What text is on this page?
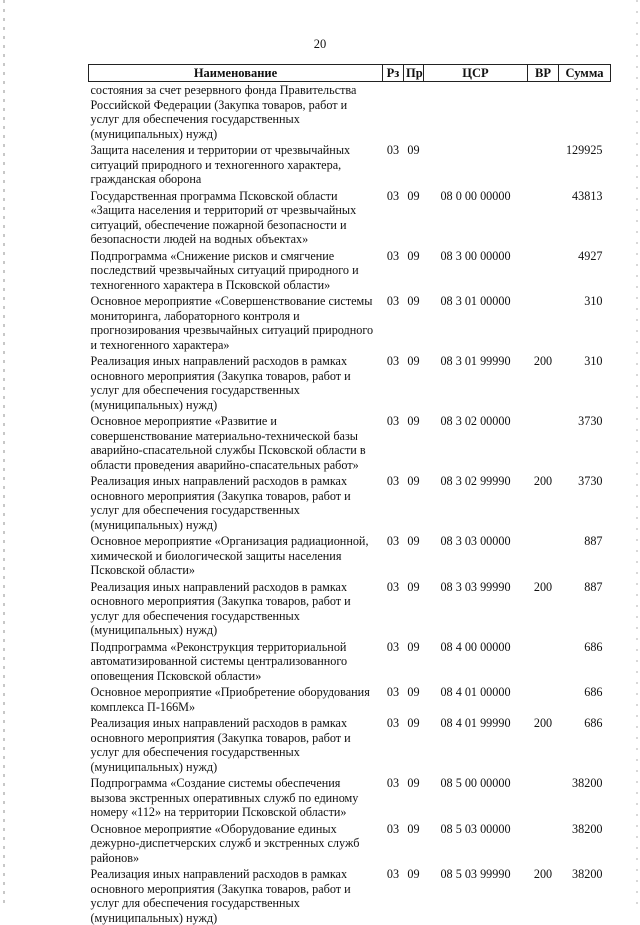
20
Наименование	Рз	Пр	ЦСР	ВР	Сумма
состояния за счет резервного фонда Правительства Российской Федерации (Закупка товаров, работ и услуг для обеспечения государственных (муниципальных) нужд)					
Защита населения и территории от чрезвычайных ситуаций природного и техногенного характера, гражданская оборона	03	09			129925
Государственная программа Псковской области «Защита населения и территорий от чрезвычайных ситуаций, обеспечение пожарной безопасности и безопасности людей на водных объектах»	03	09	08 0 00 00000		43813
Подпрограмма «Снижение рисков и смягчение последствий чрезвычайных ситуаций природного и техногенного характера в Псковской области»	03	09	08 3 00 00000		4927
Основное мероприятие «Совершенствование системы мониторинга, лабораторного контроля и прогнозирования чрезвычайных ситуаций природного и техногенного характера»	03	09	08 3 01 00000		310
Реализация иных направлений расходов в рамках основного мероприятия (Закупка товаров, работ и услуг для обеспечения государственных (муниципальных) нужд)	03	09	08 3 01 99990	200	310
Основное мероприятие «Развитие и совершенствование материально-технической базы аварийно-спасательной службы Псковской области в области проведения аварийно-спасательных работ»	03	09	08 3 02 00000		3730
Реализация иных направлений расходов в рамках основного мероприятия (Закупка товаров, работ и услуг для обеспечения государственных (муниципальных) нужд)	03	09	08 3 02 99990	200	3730
Основное мероприятие «Организация радиационной, химической и биологической защиты населения Псковской области»	03	09	08 3 03 00000		887
Реализация иных направлений расходов в рамках основного мероприятия (Закупка товаров, работ и услуг для обеспечения государственных (муниципальных) нужд)	03	09	08 3 03 99990	200	887
Подпрограмма «Реконструкция территориальной автоматизированной системы централизованного оповещения Псковской области»	03	09	08 4 00 00000		686
Основное мероприятие «Приобретение оборудования комплекса П-166М»	03	09	08 4 01 00000		686
Реализация иных направлений расходов в рамках основного мероприятия (Закупка товаров, работ и услуг для обеспечения государственных (муниципальных) нужд)	03	09	08 4 01 99990	200	686
Подпрограмма «Создание системы обеспечения вызова экстренных оперативных служб по единому номеру «112» на территории Псковской области»	03	09	08 5 00 00000		38200
Основное мероприятие «Оборудование единых дежурно-диспетчерских служб и экстренных служб районов»	03	09	08 5 03 00000		38200
Реализация иных направлений расходов в рамках основного мероприятия (Закупка товаров, работ и услуг для обеспечения государственных (муниципальных) нужд)	03	09	08 5 03 99990	200	38200
